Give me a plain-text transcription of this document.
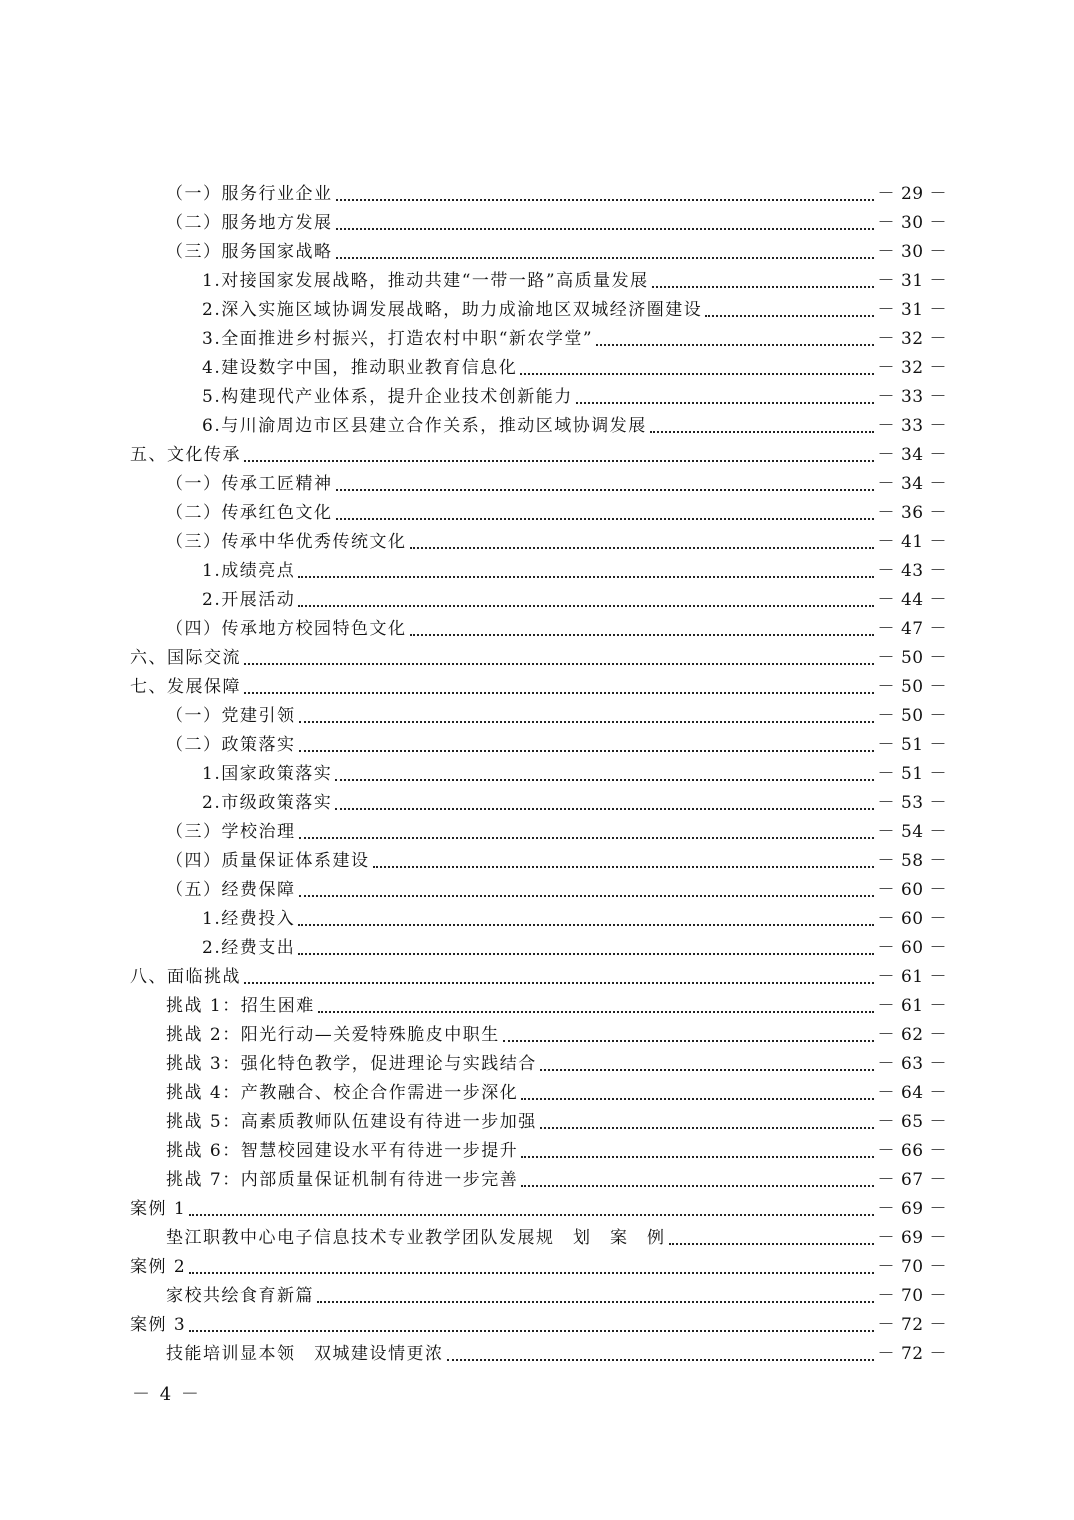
（一）服务行业企业	－ 29 －
（二）服务地方发展	－ 30 －
（三）服务国家战略	－ 30 －
1.对接国家发展战略，推动共建“一带一路”高质量发展	－ 31 －
2.深入实施区域协调发展战略，助力成渝地区双城经济圈建设	－ 31 －
3.全面推进乡村振兴，打造农村中职“新农学堂”	－ 32 －
4.建设数字中国，推动职业教育信息化	－ 32 －
5.构建现代产业体系，提升企业技术创新能力	－ 33 －
6.与川渝周边市区县建立合作关系，推动区域协调发展	－ 33 －
五、文化传承	－ 34 －
（一）传承工匠精神	－ 34 －
（二）传承红色文化	－ 36 －
（三）传承中华优秀传统文化	－ 41 －
1.成绩亮点	－ 43 －
2.开展活动	－ 44 －
（四）传承地方校园特色文化	－ 47 －
六、国际交流	－ 50 －
七、发展保障	－ 50 －
（一）党建引领	－ 50 －
（二）政策落实	－ 51 －
1.国家政策落实	－ 51 －
2.市级政策落实	－ 53 －
（三）学校治理	－ 54 －
（四）质量保证体系建设	－ 58 －
（五）经费保障	－ 60 －
1.经费投入	－ 60 －
2.经费支出	－ 60 －
八、面临挑战	－ 61 －
挑战 1：招生困难	－ 61 －
挑战 2：阳光行动—关爱特殊脆皮中职生	－ 62 －
挑战 3：强化特色教学，促进理论与实践结合	－ 63 －
挑战 4：产教融合、校企合作需进一步深化	－ 64 －
挑战 5：高素质教师队伍建设有待进一步加强	－ 65 －
挑战 6：智慧校园建设水平有待进一步提升	－ 66 －
挑战 7：内部质量保证机制有待进一步完善	－ 67 －
案例 1	－ 69 －
垫江职教中心电子信息技术专业教学团队发展规　划　案　例	－ 69 －
案例 2	－ 70 －
家校共绘食育新篇	－ 70 －
案例 3	－ 72 －
技能培训显本领　双城建设情更浓	－ 72 －
－ 4 －
